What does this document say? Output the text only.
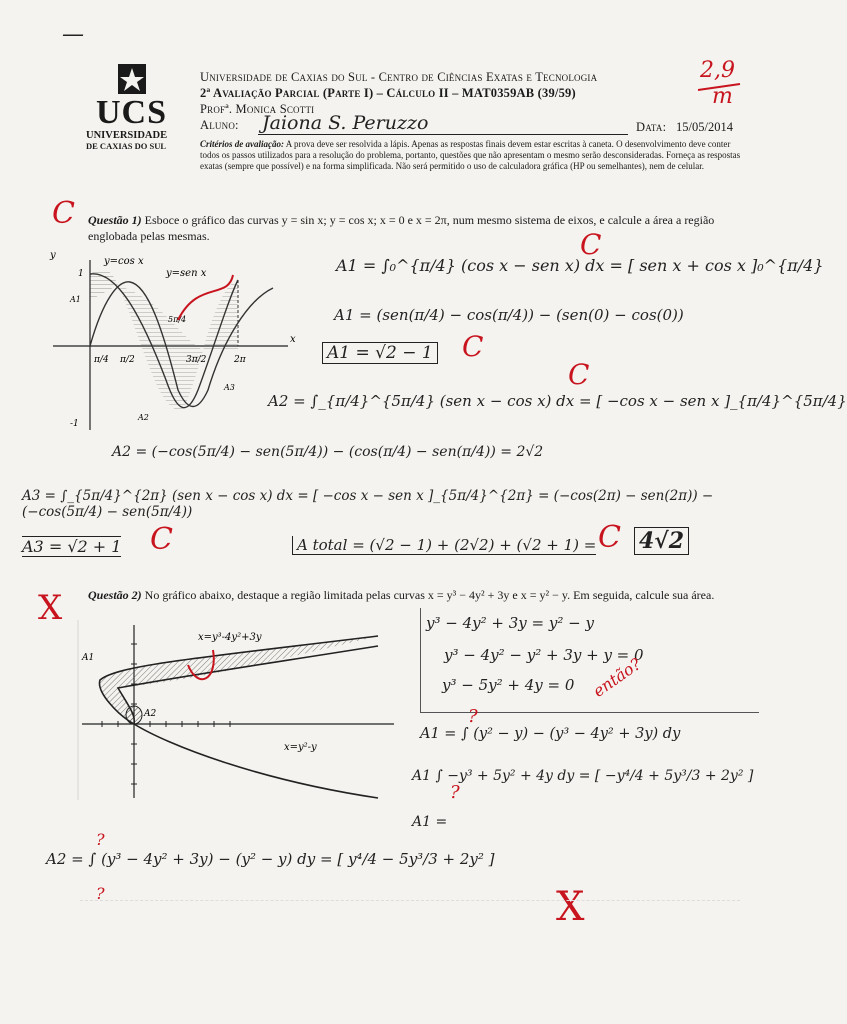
—
UCS
UNIVERSIDADE
DE CAXIAS DO SUL
Universidade de Caxias do Sul - Centro de Ciências Exatas e Tecnologia
2ª Avaliação Parcial (Parte I) – Cálculo II – MAT0359AB (39/59)
Profª. Monica Scotti
Aluno: Jaiona S. Peruzzo	Data: 15/05/2014
2,9
m
Critérios de avaliação: A prova deve ser resolvida a lápis. Apenas as respostas finais devem estar escritas à caneta. O desenvolvimento deve conter todos os passos utilizados para a resolução do problema, portanto, questões que não apresentam o mesmo serão desconsideradas. Forneça as respostas exatas (sempre que possível) e na forma simplificada. Não será permitido o uso de calculadora gráfica (HP ou semelhantes), nem de celular.
C Questão 1) Esboce o gráfico das curvas y = sin x; y = cos x; x = 0 e x = 2π, num mesmo sistema de eixos, e calcule a área a região englobada pelas mesmas.
y
x
π/4 π/2	3π/2	2π
1
-1
y=cos x
y=sen x
5π/4
A1
A2
A3
A1 = ∫₀^{π/4} (cos x − sen x) dx = [ sen x + cos x ]₀^{π/4}
C
A1 = (sen(π/4) − cos(π/4)) − (sen(0) − cos(0))
A1 = √2 − 1 C
C
A2 = ∫_{π/4}^{5π/4} (sen x − cos x) dx = [ −cos x − sen x ]_{π/4}^{5π/4}
A2 = (−cos(5π/4) − sen(5π/4)) − (cos(π/4) − sen(π/4)) = 2√2
A3 = ∫_{5π/4}^{2π} (sen x − cos x) dx = [ −cos x − sen x ]_{5π/4}^{2π} = (−cos(2π) − sen(2π)) − (−cos(5π/4) − sen(5π/4))
A3 = √2 + 1 C	A total = (√2 − 1) + (2√2) + (√2 + 1) = 4√2
C
X Questão 2) No gráfico abaixo, destaque a região limitada pelas curvas x = y³ − 4y² + 3y e x = y² − y. Em seguida, calcule sua área.
x=y³-4y²+3y
x=y²-y
A1
A2
y³ − 4y² + 3y = y² − y
y³ − 4y² − y² + 3y + y = 0
y³ − 5y² + 4y = 0 então?
A1 = ∫ (y² − y) − (y³ − 4y² + 3y) dy
?
A1 ∫ −y³ + 5y² + 4y dy = [ −y⁴/4 + 5y³/3 + 2y² ]
?
A1 =
A2 = ∫ (y³ − 4y² + 3y) − (y² − y) dy = [ y⁴/4 − 5y³/3 + 2y² ]
?
?	X
